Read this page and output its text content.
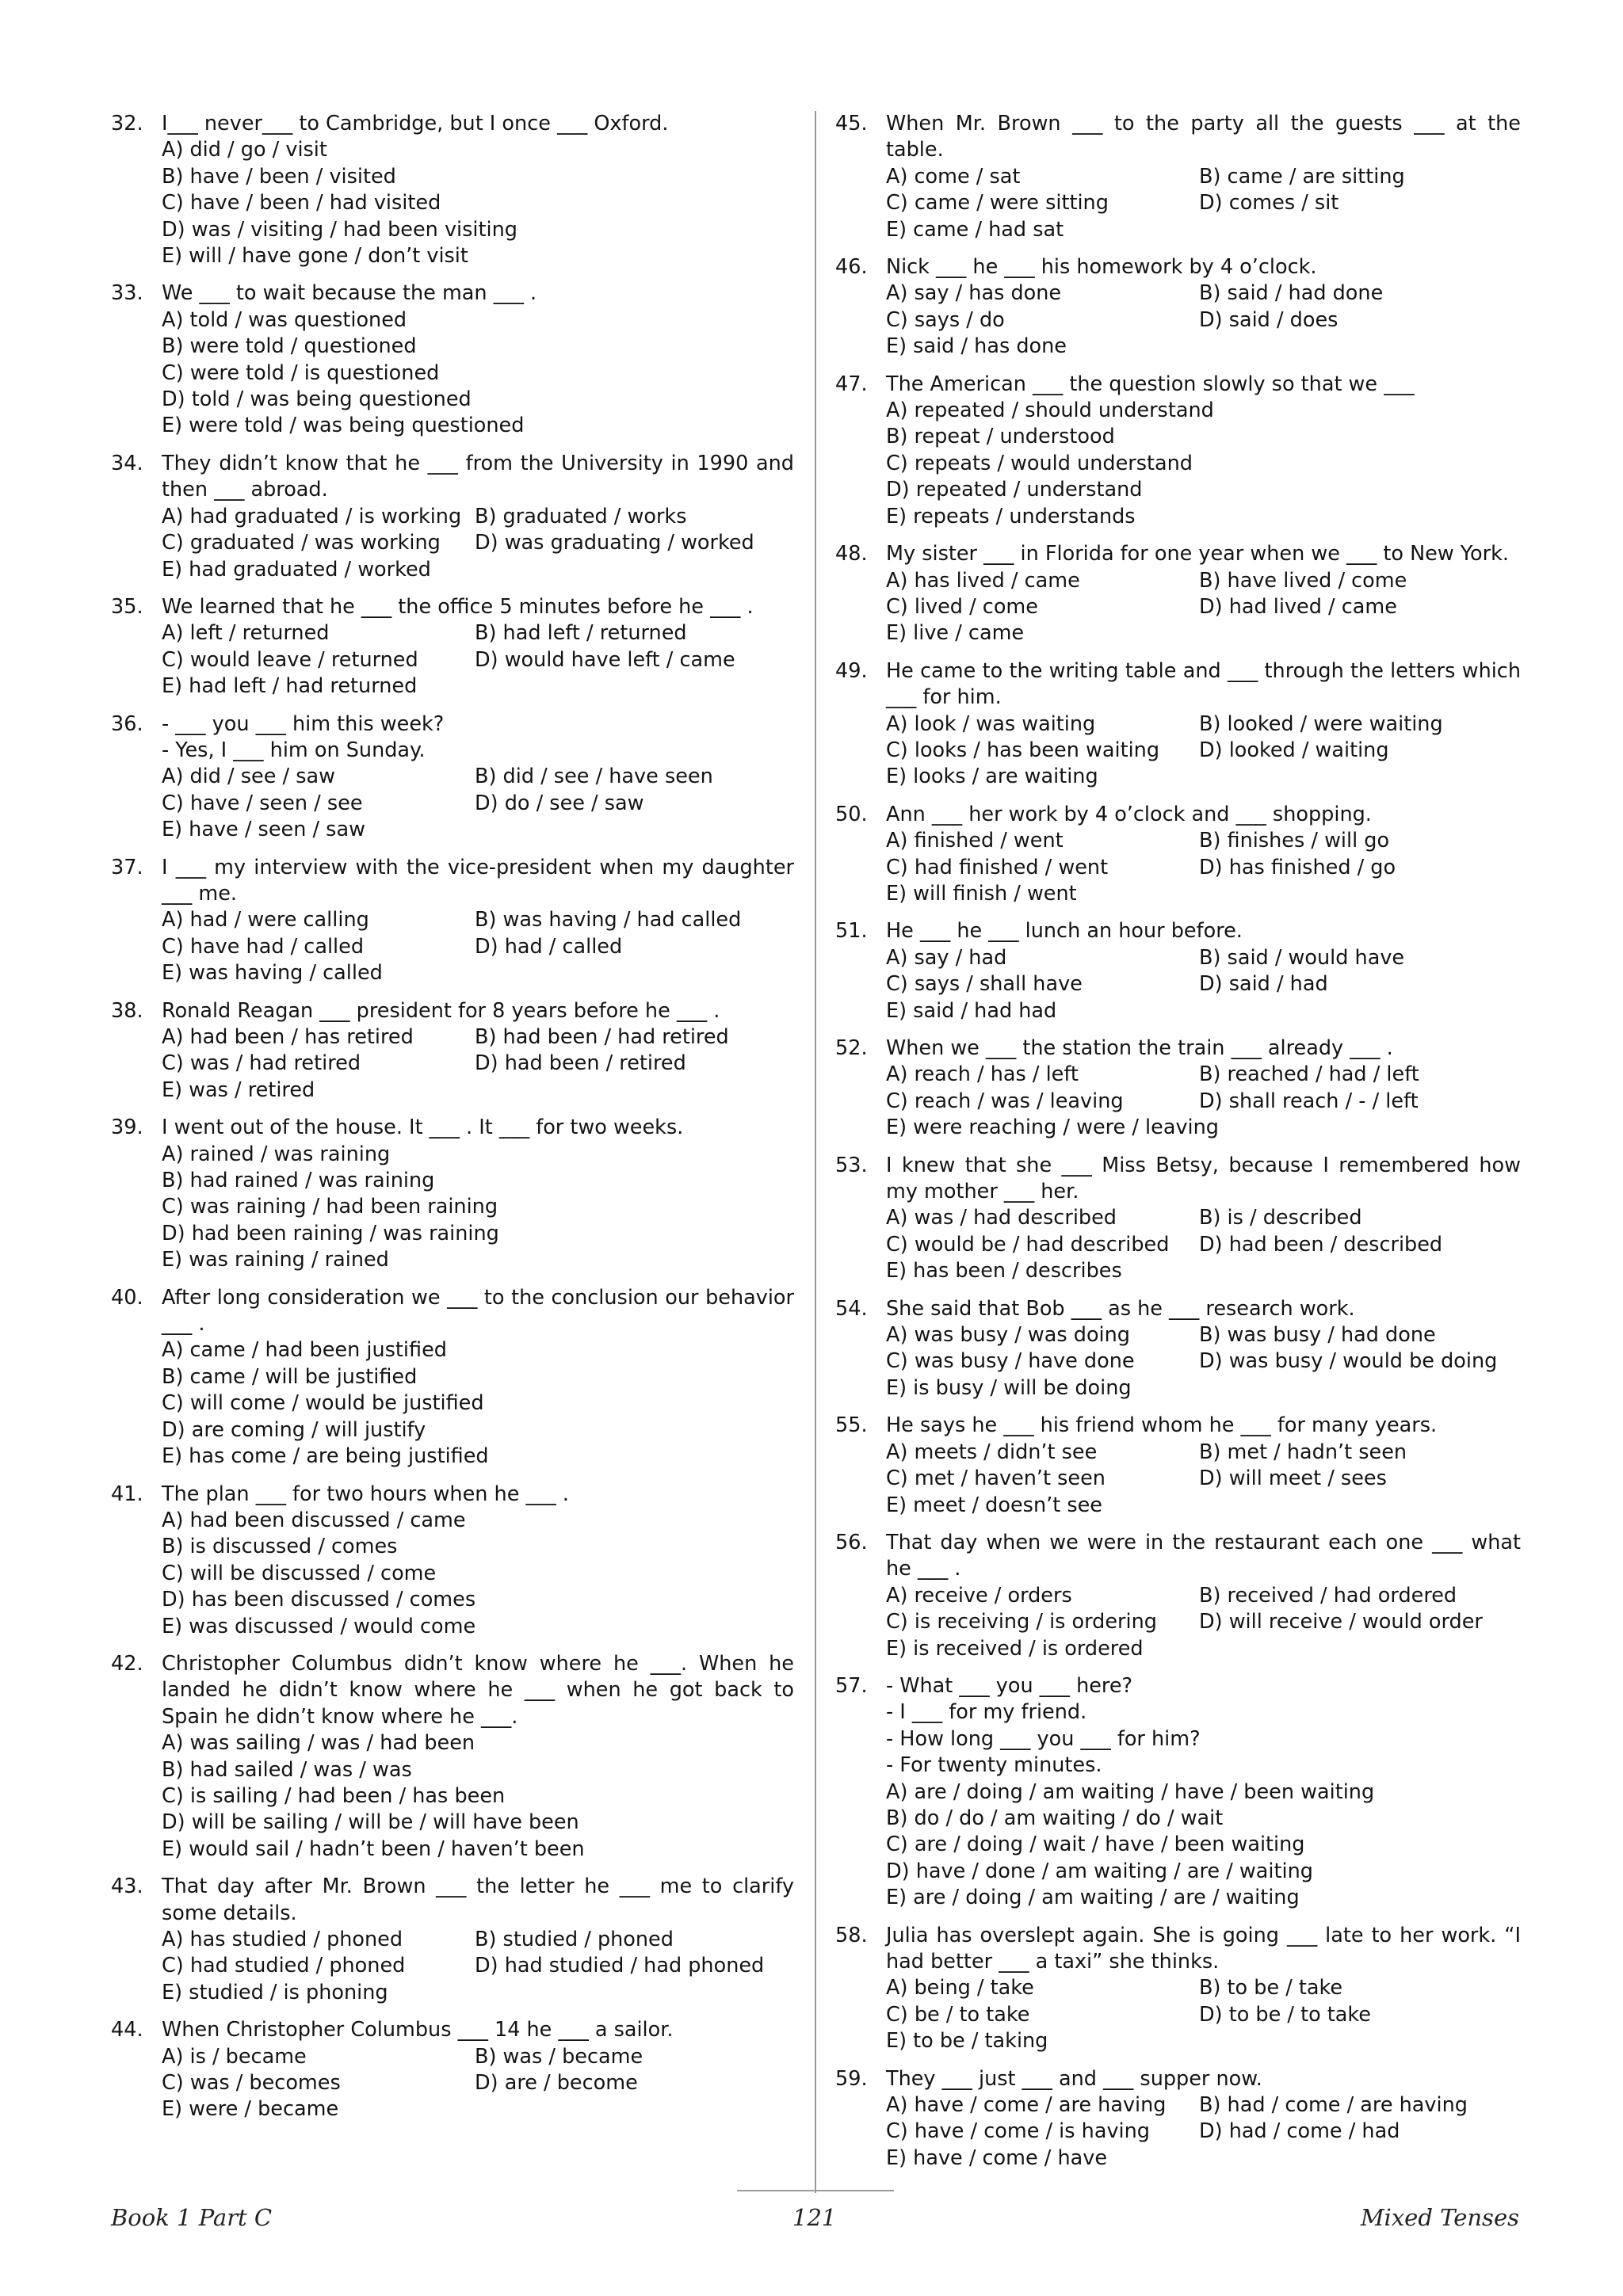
32. I___ never___ to Cambridge, but I once ___ Oxford.
A) did / go / visit
B) have / been / visited
C) have / been / had visited
D) was / visiting / had been visiting
E) will / have gone / don’t visit
33. We ___ to wait because the man ___ .
A) told / was questioned
B) were told / questioned
C) were told / is questioned
D) told / was being questioned
E) were told / was being questioned
34. They didn’t know that he ___ from the University in 1990 and then ___ abroad.
A) had graduated / is working B) graduated / works
C) graduated / was working	D) was graduating / worked
E) had graduated / worked
35. We learned that he ___ the office 5 minutes before he ___ .
A) left / returned	B) had left / returned
C) would leave / returned	D) would have left / came
E) had left / had returned
36. - ___ you ___ him this week?
- Yes, I ___ him on Sunday.
A) did / see / saw	B) did / see / have seen
C) have / seen / see	D) do / see / saw
E) have / seen / saw
37. I ___ my interview with the vice-president when my daughter ___ me.
A) had / were calling	B) was having / had called
C) have had / called	D) had / called
E) was having / called
38. Ronald Reagan ___ president for 8 years before he ___ .
A) had been / has retired	B) had been / had retired
C) was / had retired	D) had been / retired
E) was / retired
39. I went out of the house. It ___ . It ___ for two weeks.
A) rained / was raining
B) had rained / was raining
C) was raining / had been raining
D) had been raining / was raining
E) was raining / rained
40. After long consideration we ___ to the conclusion our behavior ___ .
A) came / had been justified
B) came / will be justified
C) will come / would be justified
D) are coming / will justify
E) has come / are being justified
41. The plan ___ for two hours when he ___ .
A) had been discussed / came
B) is discussed / comes
C) will be discussed / come
D) has been discussed / comes
E) was discussed / would come
42. Christopher Columbus didn’t know where he ___. When he landed he didn’t know where he ___ when he got back to Spain he didn’t know where he ___.
A) was sailing / was / had been
B) had sailed / was / was
C) is sailing / had been / has been
D) will be sailing / will be / will have been
E) would sail / hadn’t been / haven’t been
43. That day after Mr. Brown ___ the letter he ___ me to clarify some details.
A) has studied / phoned	B) studied / phoned
C) had studied / phoned	D) had studied / had phoned
E) studied / is phoning
44. When Christopher Columbus ___ 14 he ___ a sailor.
A) is / became	B) was / became
C) was / becomes	D) are / become
E) were / became
45. When Mr. Brown ___ to the party all the guests ___ at the table.
A) come / sat	B) came / are sitting
C) came / were sitting	D) comes / sit
E) came / had sat
46. Nick ___ he ___ his homework by 4 o’clock.
A) say / has done	B) said / had done
C) says / do	D) said / does
E) said / has done
47. The American ___ the question slowly so that we ___
A) repeated / should understand
B) repeat / understood
C) repeats / would understand
D) repeated / understand
E) repeats / understands
48. My sister ___ in Florida for one year when we ___ to New York.
A) has lived / came	B) have lived / come
C) lived / come	D) had lived / came
E) live / came
49. He came to the writing table and ___ through the letters which ___ for him.
A) look / was waiting	B) looked / were waiting
C) looks / has been waiting	D) looked / waiting
E) looks / are waiting
50. Ann ___ her work by 4 o’clock and ___ shopping.
A) finished / went	B) finishes / will go
C) had finished / went	D) has finished / go
E) will finish / went
51. He ___ he ___ lunch an hour before.
A) say / had	B) said / would have
C) says / shall have	D) said / had
E) said / had had
52. When we ___ the station the train ___ already ___ .
A) reach / has / left	B) reached / had / left
C) reach / was / leaving	D) shall reach / - / left
E) were reaching / were / leaving
53. I knew that she ___ Miss Betsy, because I remembered how my mother ___ her.
A) was / had described	B) is / described
C) would be / had described	D) had been / described
E) has been / describes
54. She said that Bob ___ as he ___ research work.
A) was busy / was doing	B) was busy / had done
C) was busy / have done	D) was busy / would be doing
E) is busy / will be doing
55. He says he ___ his friend whom he ___ for many years.
A) meets / didn’t see	B) met / hadn’t seen
C) met / haven’t seen	D) will meet / sees
E) meet / doesn’t see
56. That day when we were in the restaurant each one ___ what he ___ .
A) receive / orders	B) received / had ordered
C) is receiving / is ordering	D) will receive / would order
E) is received / is ordered
57. - What ___ you ___ here?
- I ___ for my friend.
- How long ___ you ___ for him?
- For twenty minutes.
A) are / doing / am waiting / have / been waiting
B) do / do / am waiting / do / wait
C) are / doing / wait / have / been waiting
D) have / done / am waiting / are / waiting
E) are / doing / am waiting / are / waiting
58. Julia has overslept again. She is going ___ late to her work. “I had better ___ a taxi” she thinks.
A) being / take	B) to be / take
C) be / to take	D) to be / to take
E) to be / taking
59. They ___ just ___ and ___ supper now.
A) have / come / are having	B) had / come / are having
C) have / come / is having	D) had / come / had
E) have / come / have
Book 1 Part C	121	Mixed Tenses
